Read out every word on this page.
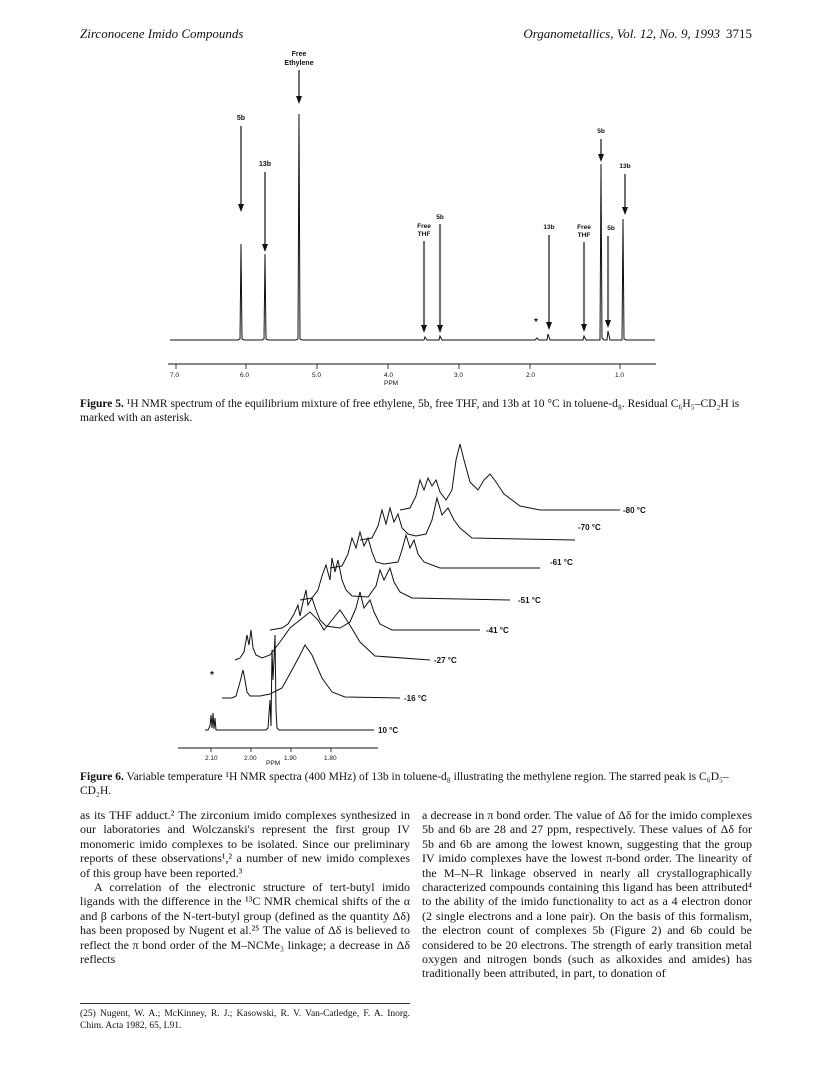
Zirconocene Imido Compounds	Organometallics, Vol. 12, No. 9, 1993 3715
7.0	6.0	5.0	4.0	3.0	2.0	1.0
PPM
Free
Ethylene
5b
13b
5b
Free
THF
13b
*
Free
THF
5b
5b
13b
Figure 5. ¹H NMR spectrum of the equilibrium mixture of free ethylene, 5b, free THF, and 13b at 10 °C in toluene-d₈. Residual C₆H₅–CD₂H is marked with an asterisk.
*
-80 °C
-70 °C
-61 °C
-51 °C
-41 °C
-27 °C
-16 °C
10 °C
2.10	2.00	1.90	1.80
PPM
Figure 6. Variable temperature ¹H NMR spectra (400 MHz) of 13b in toluene-d₈ illustrating the methylene region. The starred peak is C₆D₅–CD₂H.

as its THF adduct.² The zirconium imido complexes synthesized in our laboratories and Wolczanski's represent the first group IV monomeric imido complexes to be isolated. Since our preliminary reports of these observations¹,² a number of new imido complexes of this group have been reported.³

A correlation of the electronic structure of tert-butyl imido ligands with the difference in the ¹³C NMR chemical shifts of the α and β carbons of the N-tert-butyl group (defined as the quantity Δδ) has been proposed by Nugent et al.²⁵ The value of Δδ is believed to reflect the π bond order of the M–NCMe₃ linkage; a decrease in Δδ reflects

a decrease in π bond order. The value of Δδ for the imido complexes 5b and 6b are 28 and 27 ppm, respectively. These values of Δδ for 5b and 6b are among the lowest known, suggesting that the group IV imido complexes have the lowest π-bond order. The linearity of the M–N–R linkage observed in nearly all crystallographically characterized compounds containing this ligand has been attributed⁴ to the ability of the imido functionality to act as a 4 electron donor (2 single electrons and a lone pair). On the basis of this formalism, the electron count of complexes 5b (Figure 2) and 6b could be considered to be 20 electrons. The strength of early transition metal oxygen and nitrogen bonds (such as alkoxides and amides) has traditionally been attributed, in part, to donation of

(25) Nugent, W. A.; McKinney, R. J.; Kasowski, R. V. Van-Catledge, F. A. Inorg. Chim. Acta 1982, 65, L91.
